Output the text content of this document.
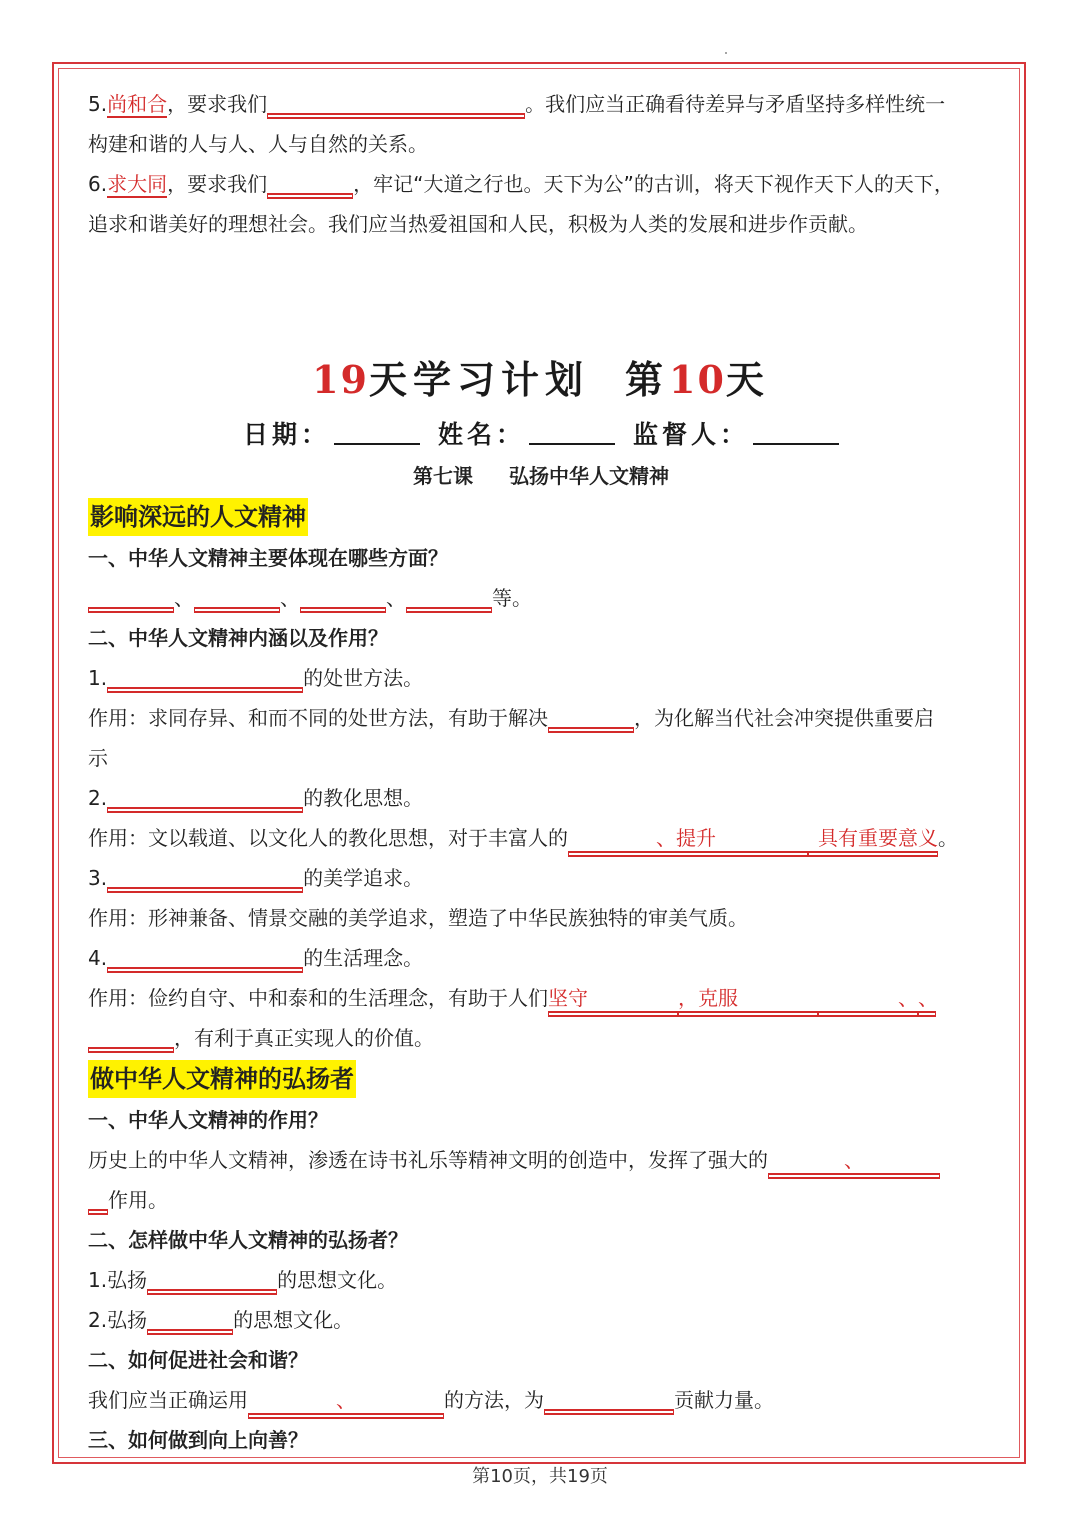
5.尚和合，要求我们	。我们应当正确看待差异与矛盾坚持多样性统一
构建和谐的人与人、人与自然的关系。
6.求大同，要求我们	，牢记“大道之行也。天下为公”的古训，将天下视作天下人的天下，
追求和谐美好的理想社会。我们应当热爱祖国和人民，积极为人类的发展和进步作贡献。
19天学习计划 第10天
日期：	姓名：	监督人：
第七课 弘扬中华人文精神
影响深远的人文精神
一、中华人文精神主要体现在哪些方面？
、	、	、	等。
二、中华人文精神内涵以及作用？
1.	的处世方法。
作用：求同存异、和而不同的处世方法，有助于解决	，为化解当代社会冲突提供重要启
示
2.	的教化思想。
作用：文以载道、以文化人的教化思想，对于丰富人的	、提升	具有重要意义。
3.	的美学追求。
作用：形神兼备、情景交融的美学追求，塑造了中华民族独特的审美气质。
4.	的生活理念。
作用：俭约自守、中和泰和的生活理念，有助于人们坚守	，克服	、、
，有利于真正实现人的价值。
做中华人文精神的弘扬者
一、中华人文精神的作用？
历史上的中华人文精神，渗透在诗书礼乐等精神文明的创造中，发挥了强大的	、
作用。
二、怎样做中华人文精神的弘扬者？
1.弘扬	的思想文化。
2.弘扬	的思想文化。
二、如何促进社会和谐？
我们应当正确运用	、	的方法，为	贡献力量。
三、如何做到向上向善？
第10页，共19页
